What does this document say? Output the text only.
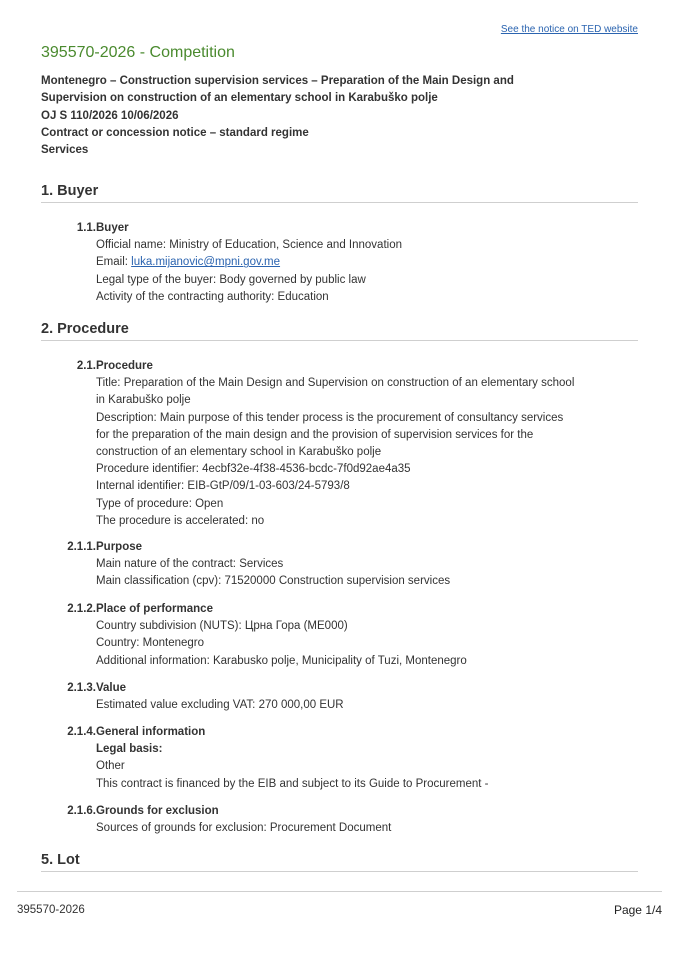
See the notice on TED website
395570-2026 - Competition
Montenegro – Construction supervision services – Preparation of the Main Design and
Supervision on construction of an elementary school in Karabuško polje
OJ S 110/2026 10/06/2026
Contract or concession notice – standard regime
Services
1. Buyer
1.1. Buyer
Official name: Ministry of Education, Science and Innovation
Email: luka.mijanovic@mpni.gov.me
Legal type of the buyer: Body governed by public law
Activity of the contracting authority: Education
2. Procedure
2.1. Procedure
Title: Preparation of the Main Design and Supervision on construction of an elementary school
in Karabuško polje
Description: Main purpose of this tender process is the procurement of consultancy services
for the preparation of the main design and the provision of supervision services for the
construction of an elementary school in Karabuško polje
Procedure identifier: 4ecbf32e-4f38-4536-bcdc-7f0d92ae4a35
Internal identifier: EIB-GtP/09/1-03-603/24-5793/8
Type of procedure: Open
The procedure is accelerated: no
2.1.1. Purpose
Main nature of the contract: Services
Main classification (cpv): 71520000 Construction supervision services
2.1.2. Place of performance
Country subdivision (NUTS): Црна Гора (ME000)
Country: Montenegro
Additional information: Karabusko polje, Municipality of Tuzi, Montenegro
2.1.3. Value
Estimated value excluding VAT: 270 000,00 EUR
2.1.4. General information
Legal basis:
Other
This contract is financed by the EIB and subject to its Guide to Procurement -
2.1.6. Grounds for exclusion
Sources of grounds for exclusion: Procurement Document
5. Lot
395570-2026	Page 1/4
